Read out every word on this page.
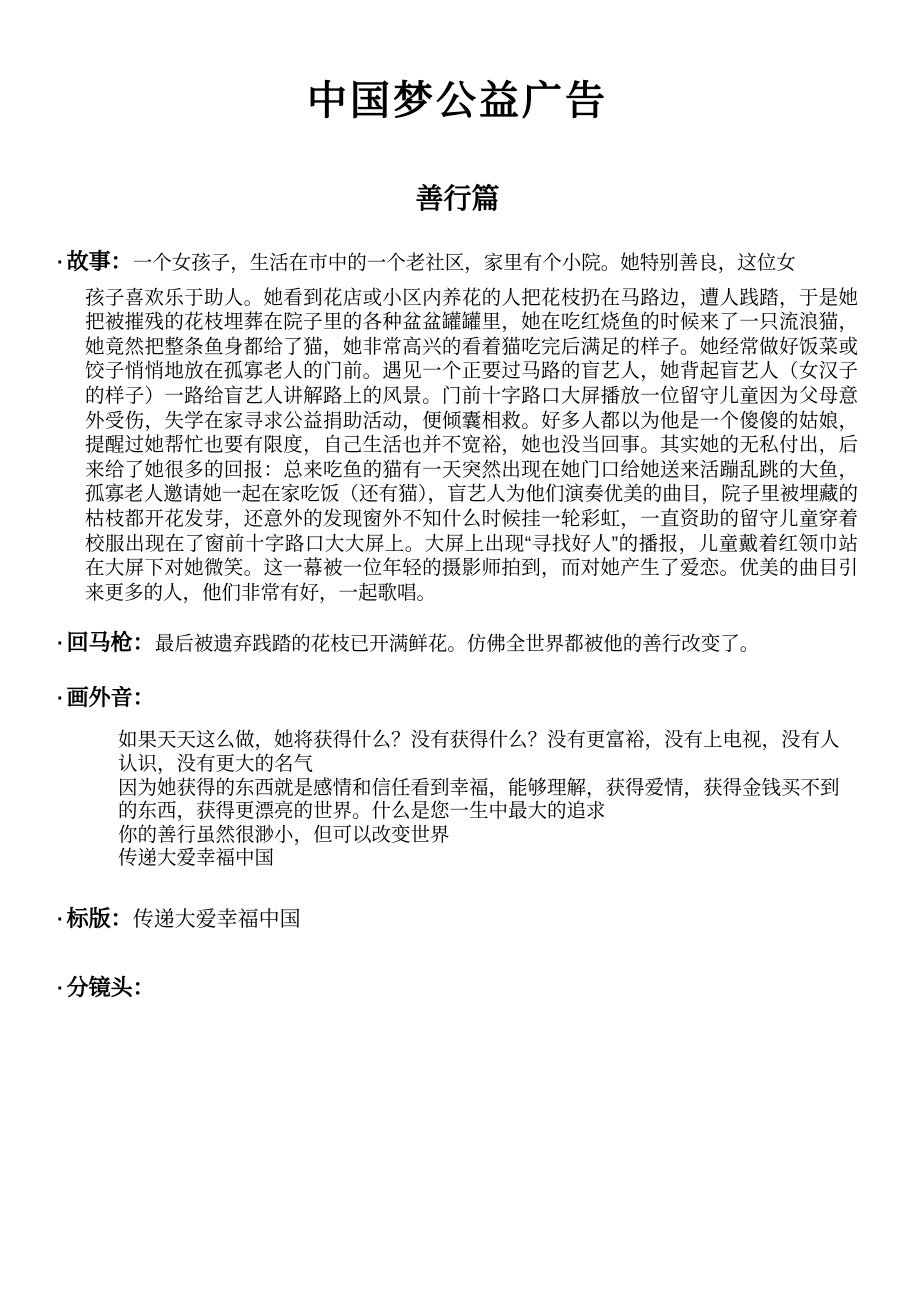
中国梦公益广告
善行篇
· 故事：一个女孩子，生活在市中的一个老社区，家里有个小院。她特别善良，这位女

孩子喜欢乐于助人。她看到花店或小区内养花的人把花枝扔在马路边，遭人践踏，于是她把被摧残的花枝埋葬在院子里的各种盆盆罐罐里，她在吃红烧鱼的时候来了一只流浪猫，她竟然把整条鱼身都给了猫，她非常高兴的看着猫吃完后满足的样子。她经常做好饭菜或饺子悄悄地放在孤寡老人的门前。遇见一个正要过马路的盲艺人，她背起盲艺人（女汉子的样子）一路给盲艺人讲解路上的风景。门前十字路口大屏播放一位留守儿童因为父母意外受伤，失学在家寻求公益捐助活动，便倾囊相救。好多人都以为他是一个傻傻的姑娘，提醒过她帮忙也要有限度，自己生活也并不宽裕，她也没当回事。其实她的无私付出，后来给了她很多的回报：总来吃鱼的猫有一天突然出现在她门口给她送来活蹦乱跳的大鱼，孤寡老人邀请她一起在家吃饭（还有猫），盲艺人为他们演奏优美的曲目，院子里被埋藏的枯枝都开花发芽，还意外的发现窗外不知什么时候挂一轮彩虹，一直资助的留守儿童穿着校服出现在了窗前十字路口大大屏上。大屏上出现“寻找好人”的播报，儿童戴着红领巾站在大屏下对她微笑。这一幕被一位年轻的摄影师拍到，而对她产生了爱恋。优美的曲目引来更多的人，他们非常有好，一起歌唱。

· 回马枪：最后被遗弃践踏的花枝已开满鲜花。仿佛全世界都被他的善行改变了。
· 画外音：

如果天天这么做，她将获得什么？没有获得什么？没有更富裕，没有上电视，没有人认识，没有更大的名气

因为她获得的东西就是感情和信任看到幸福，能够理解，获得爱情，获得金钱买不到的东西，获得更漂亮的世界。什么是您一生中最大的追求

你的善行虽然很渺小，但可以改变世界

传递大爱幸福中国

· 标版：传递大爱幸福中国
· 分镜头：
